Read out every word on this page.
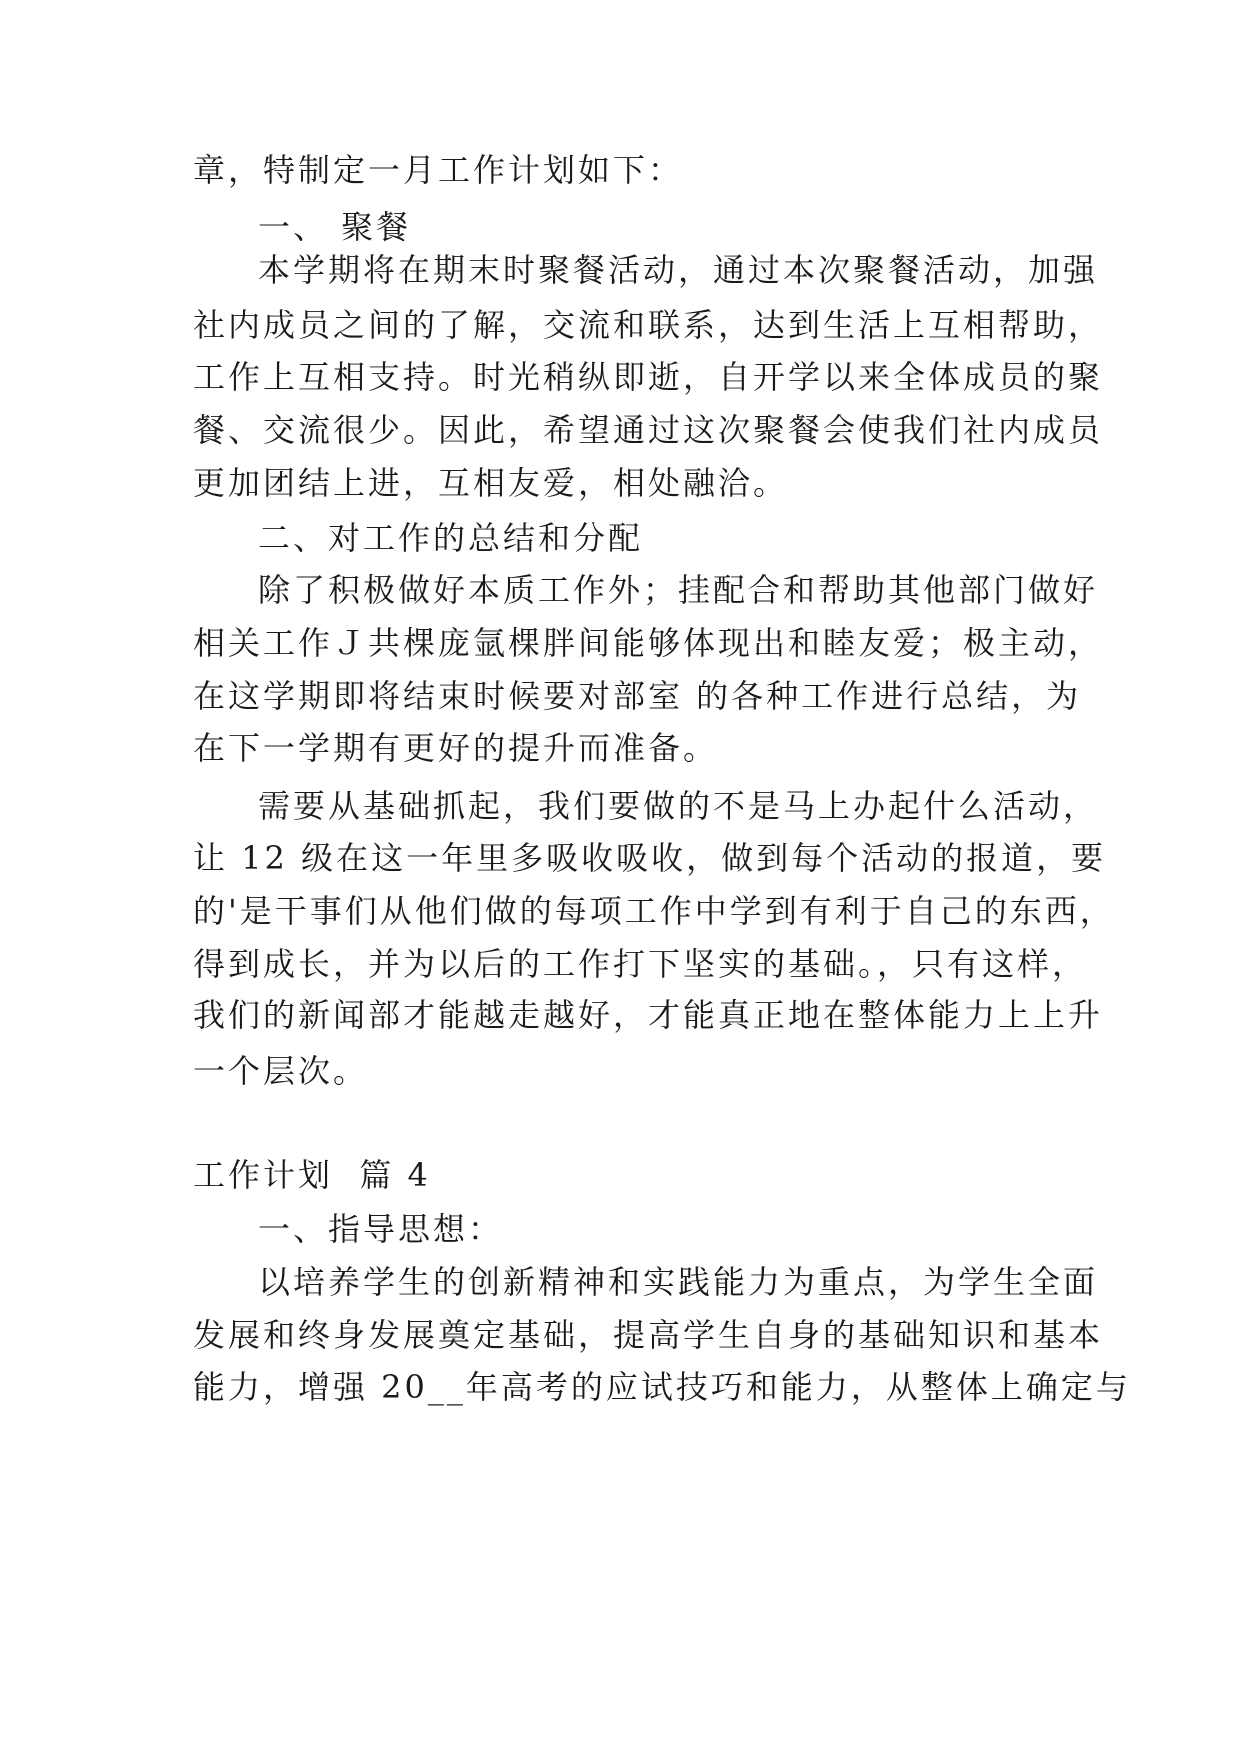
章，特制定一月工作计划如下：
一、 聚餐
本学期将在期末时聚餐活动，通过本次聚餐活动，加强
社内成员之间的了解，交流和联系，达到生活上互相帮助，
工作上互相支持。时光稍纵即逝，自开学以来全体成员的聚
餐、交流很少。因此，希望通过这次聚餐会使我们社内成员
更加团结上进，互相友爱，相处融洽。
二、对工作的总结和分配
除了积极做好本质工作外；挂配合和帮助其他部门做好
相关工作Ｊ共棵庞氩棵胖间能够体现出和睦友爱；极主动，
在这学期即将结束时候要对部室 的各种工作进行总结，为
在下一学期有更好的提升而准备。
需要从基础抓起，我们要做的不是马上办起什么活动，
让 12 级在这一年里多吸收吸收，做到每个活动的报道，要
的'是干事们从他们做的每项工作中学到有利于自己的东西，
得到成长，并为以后的工作打下坚实的基础。，只有这样，
我们的新闻部才能越走越好，才能真正地在整体能力上上升
一个层次。
工作计划  篇 4
一、指导思想：
以培养学生的创新精神和实践能力为重点，为学生全面
发展和终身发展奠定基础，提高学生自身的基础知识和基本
能力，增强 20__年高考的应试技巧和能力，从整体上确定与
